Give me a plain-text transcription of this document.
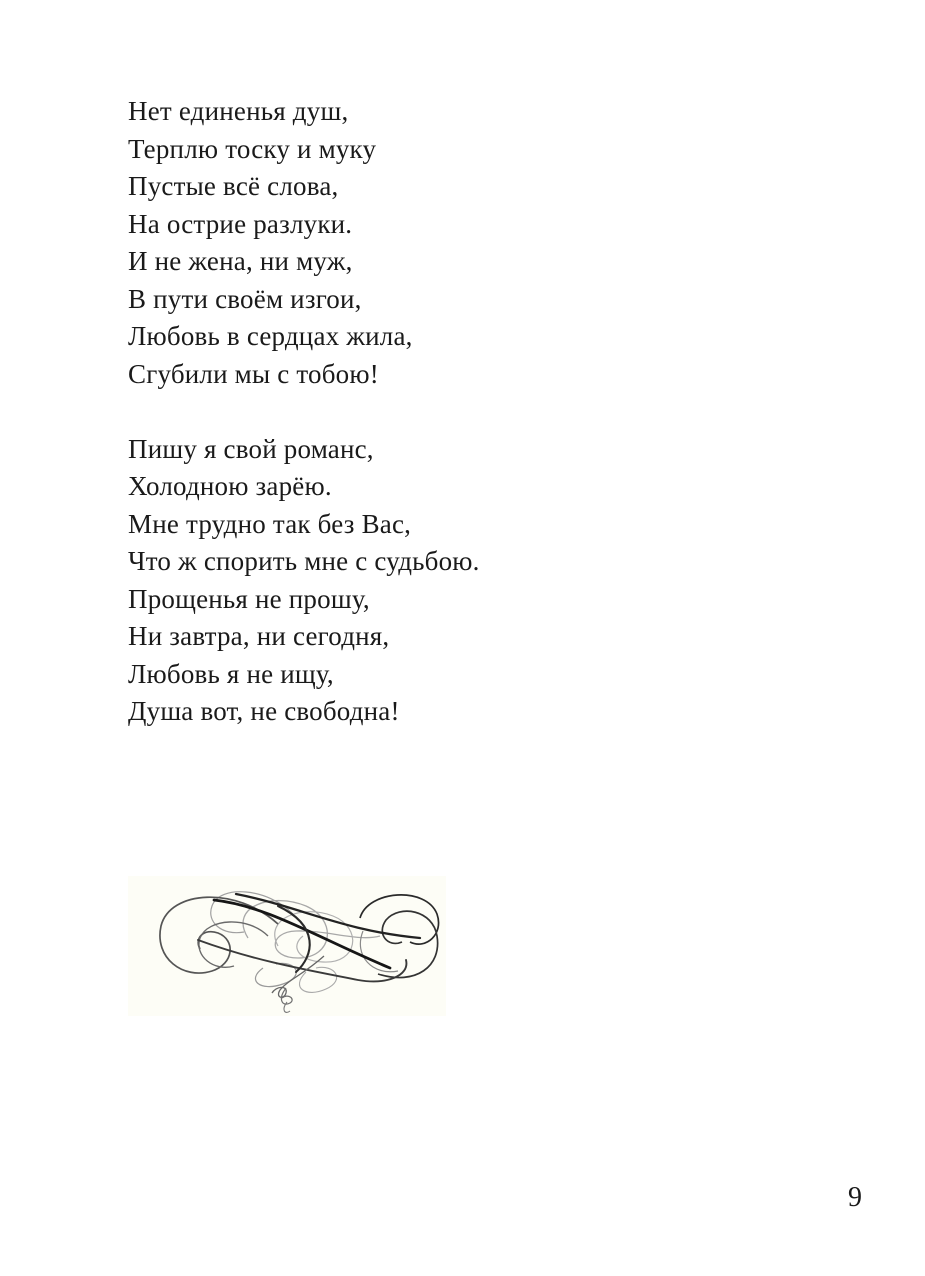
Нет единенья душ,
Терплю тоску и муку
Пустые всё слова,
На острие разлуки.
И не жена, ни муж,
В пути своём изгои,
Любовь в сердцах жила,
Сгубили мы с тобою!
Пишу я свой романс,
Холодною зарёю.
Мне трудно так без Вас,
Что ж спорить мне с судьбою.
Прощенья не прошу,
Ни завтра, ни сегодня,
Любовь я не ищу,
Душа вот, не свободна!
9
